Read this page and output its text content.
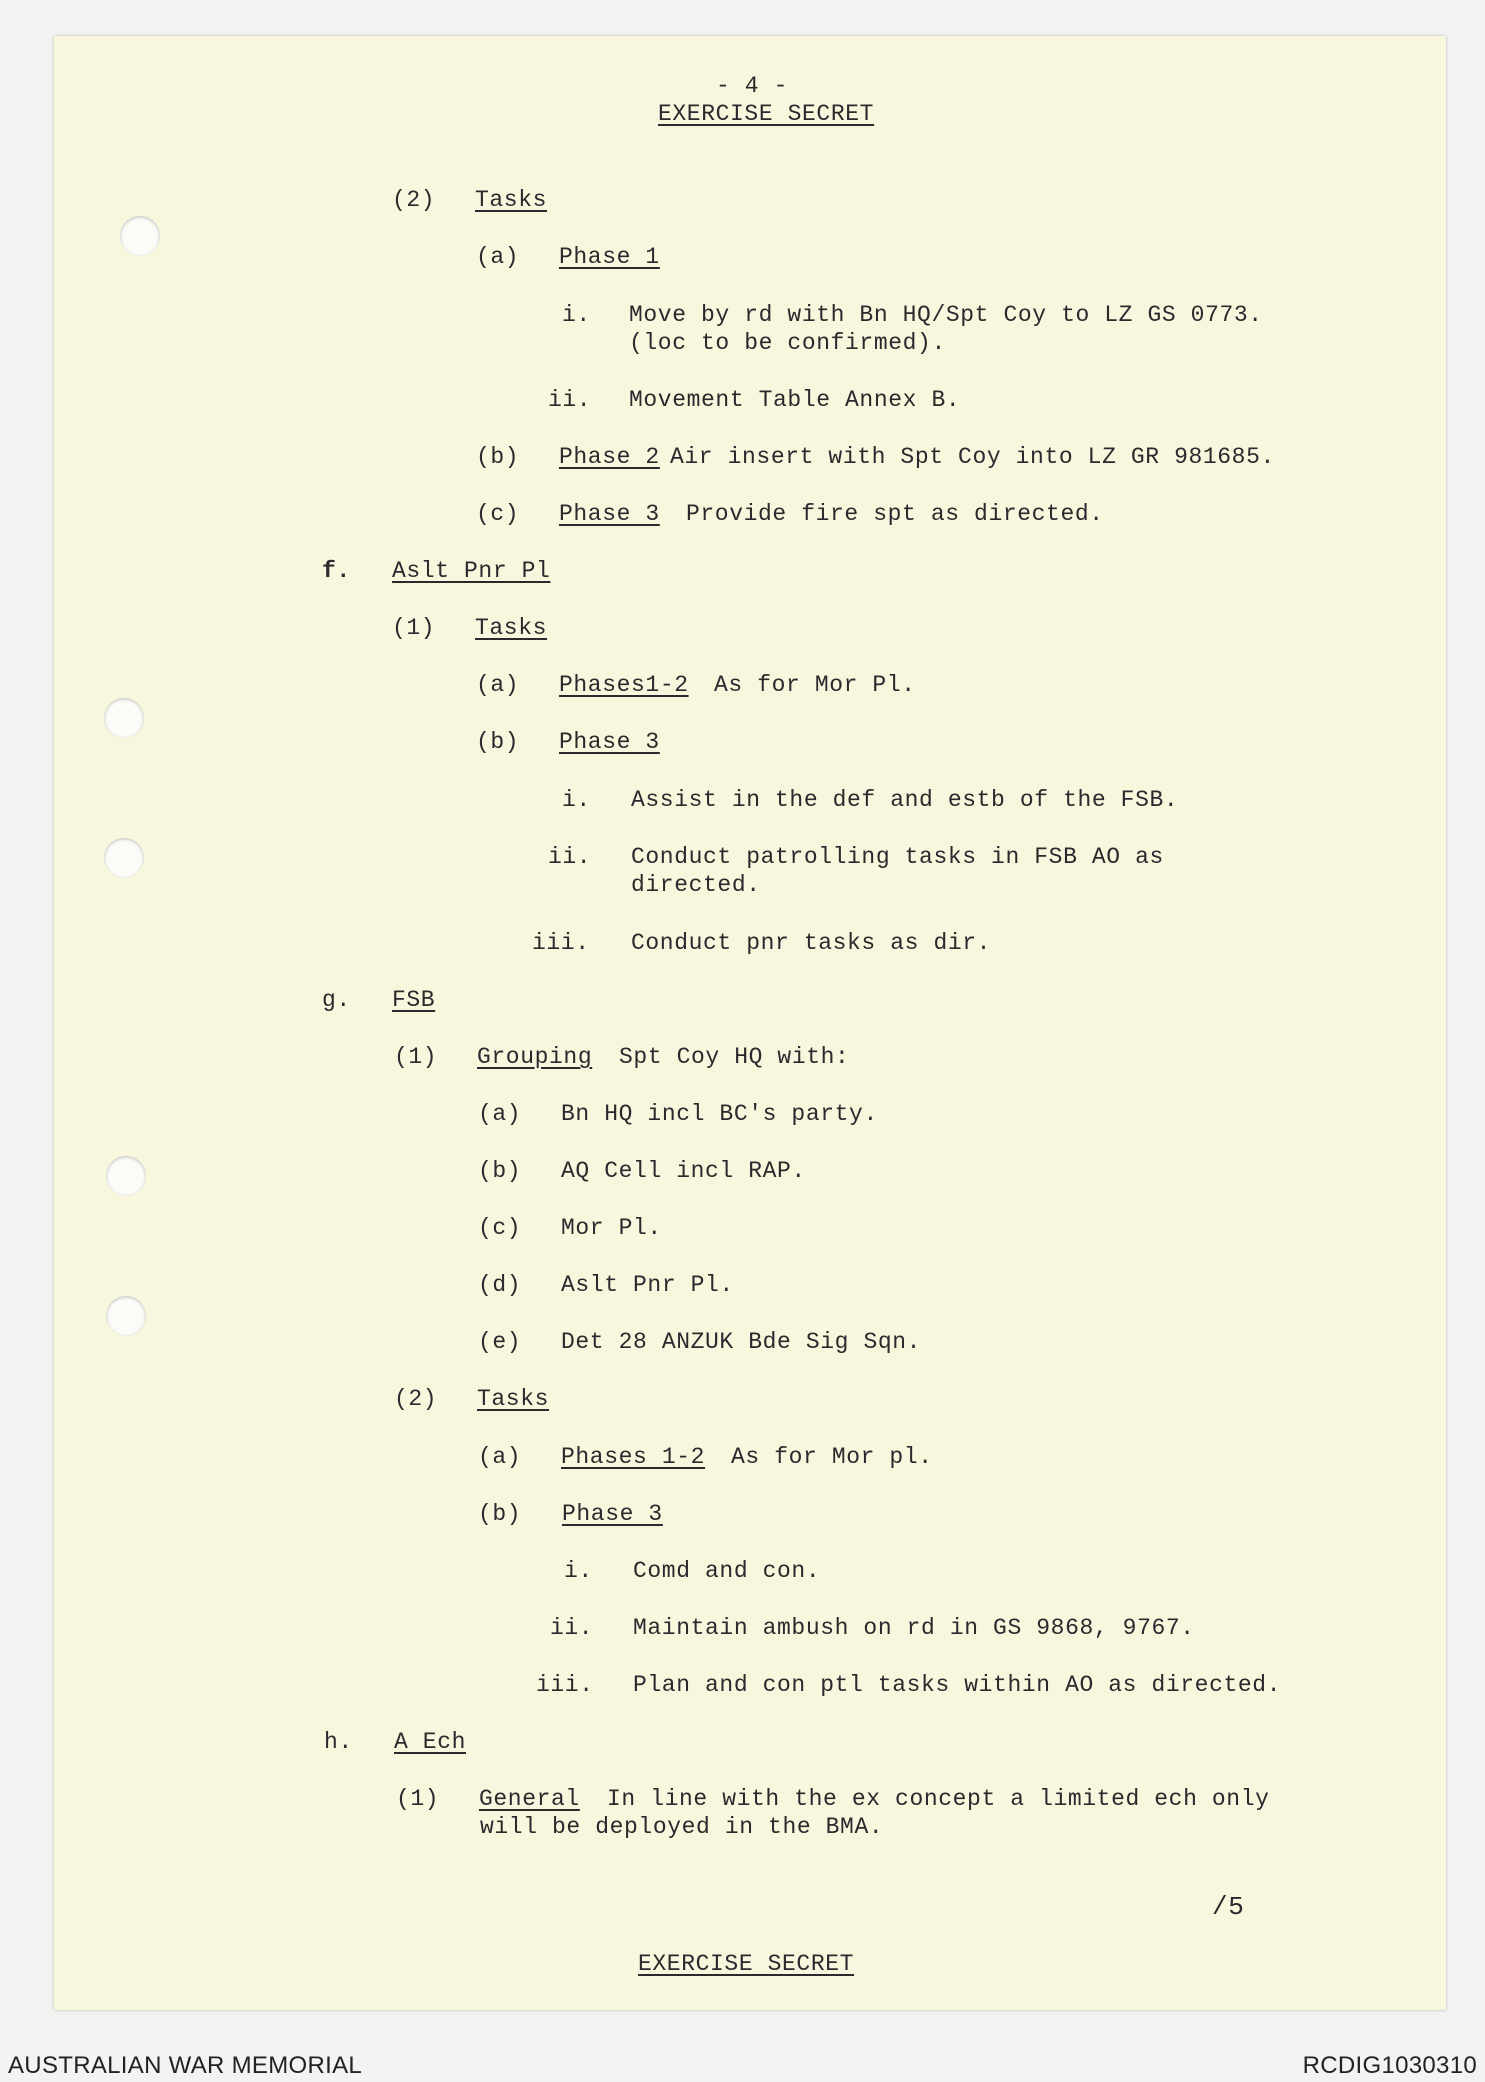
- 4 -
EXERCISE SECRET
(2) Tasks
(a) Phase 1
i. Move by rd with Bn HQ/Spt Coy to LZ GS 0773.
(loc to be confirmed).
ii. Movement Table Annex B.
(b) Phase 2 Air insert with Spt Coy into LZ GR 981685.
(c) Phase 3 Provide fire spt as directed.
f. Aslt Pnr Pl
(1) Tasks
(a) Phases1-2 As for Mor Pl.
(b) Phase 3
i. Assist in the def and estb of the FSB.
ii. Conduct patrolling tasks in FSB AO as
directed.
iii. Conduct pnr tasks as dir.
g. FSB
(1) Grouping Spt Coy HQ with:
(a) Bn HQ incl BC's party.
(b) AQ Cell incl RAP.
(c) Mor Pl.
(d) Aslt Pnr Pl.
(e) Det 28 ANZUK Bde Sig Sqn.
(2) Tasks
(a) Phases 1-2 As for Mor pl.
(b) Phase 3
i. Comd and con.
ii. Maintain ambush on rd in GS 9868, 9767.
iii. Plan and con ptl tasks within AO as directed.
h. A Ech
(1) General In line with the ex concept a limited ech only
will be deployed in the BMA.
/5
EXERCISE SECRET
AUSTRALIAN WAR MEMORIAL	RCDIG1030310
